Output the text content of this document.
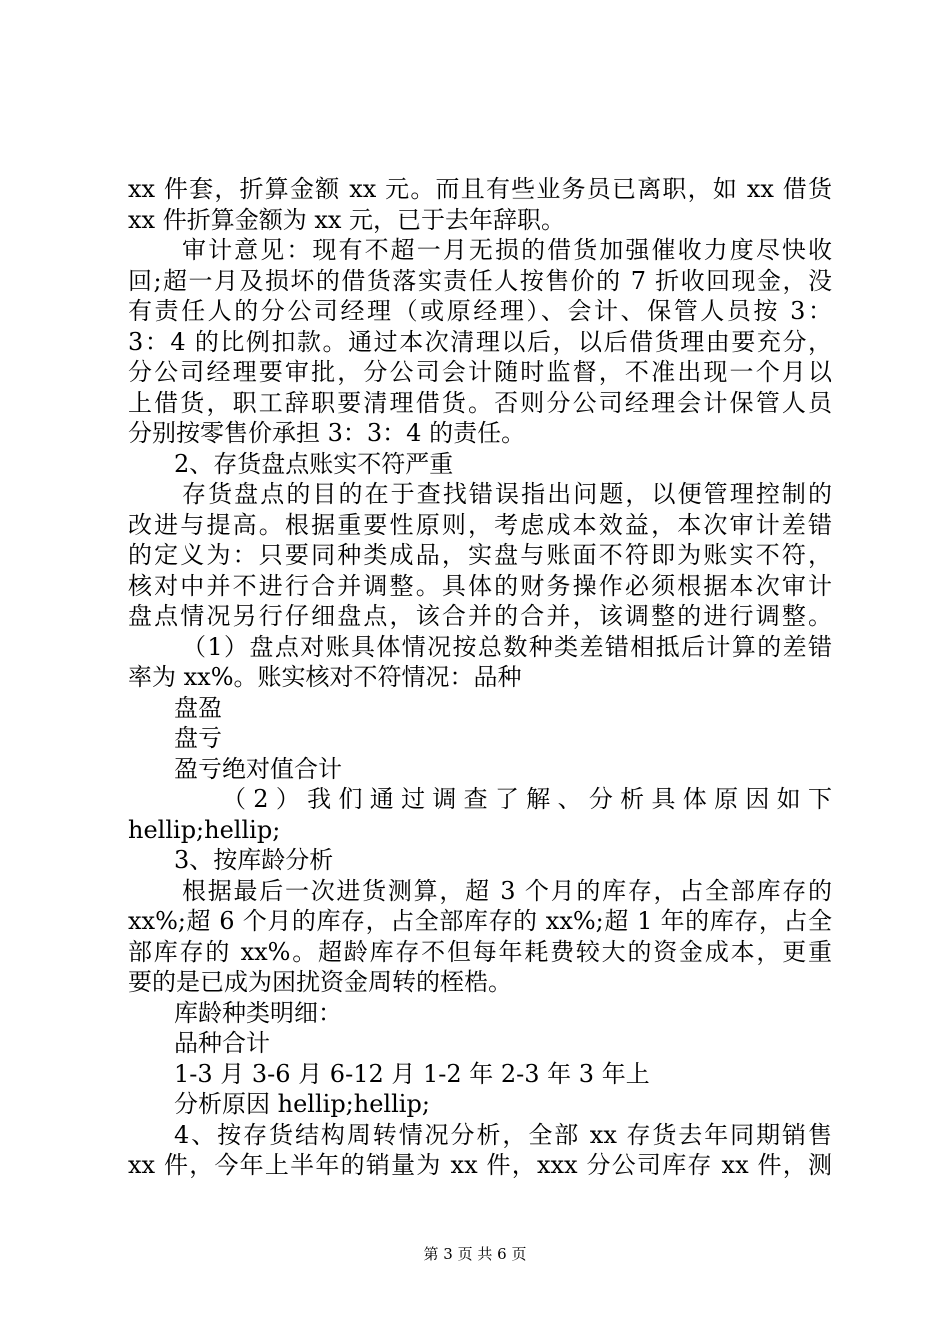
xx 件套，折算金额 xx 元。而且有些业务员已离职，如 xx 借货
xx 件折算金额为 xx 元，已于去年辞职。
审计意见：现有不超一月无损的借货加强催收力度尽快收
回;超一月及损坏的借货落实责任人按售价的 7 折收回现金，没
有责任人的分公司经理（或原经理）、会计、保管人员按 3：
3：4 的比例扣款。通过本次清理以后，以后借货理由要充分，
分公司经理要审批，分公司会计随时监督，不准出现一个月以
上借货，职工辞职要清理借货。否则分公司经理会计保管人员
分别按零售价承担 3：3：4 的责任。
2、存货盘点账实不符严重
存货盘点的目的在于查找错误指出问题，以便管理控制的
改进与提高。根据重要性原则，考虑成本效益，本次审计差错
的定义为：只要同种类成品，实盘与账面不符即为账实不符，
核对中并不进行合并调整。具体的财务操作必须根据本次审计
盘点情况另行仔细盘点，该合并的合并，该调整的进行调整。
（1）盘点对账具体情况按总数种类差错相抵后计算的差错
率为 xx%。账实核对不符情况：品种
盘盈
盘亏
盈亏绝对值合计
（2）我们通过调查了解、分析具体原因如下
hellip;hellip;
3、按库龄分析
根据最后一次进货测算，超 3 个月的库存，占全部库存的
xx%;超 6 个月的库存，占全部库存的 xx%;超 1 年的库存，占全
部库存的 xx%。超龄库存不但每年耗费较大的资金成本，更重
要的是已成为困扰资金周转的桎梏。
库龄种类明细：
品种合计
1-3 月 3-6 月 6-12 月 1-2 年 2-3 年 3 年上
分析原因 hellip;hellip;
4、按存货结构周转情况分析，全部 xx 存货去年同期销售
xx 件，今年上半年的销量为 xx 件，xxx 分公司库存 xx 件，测
第 3 页 共 6 页
